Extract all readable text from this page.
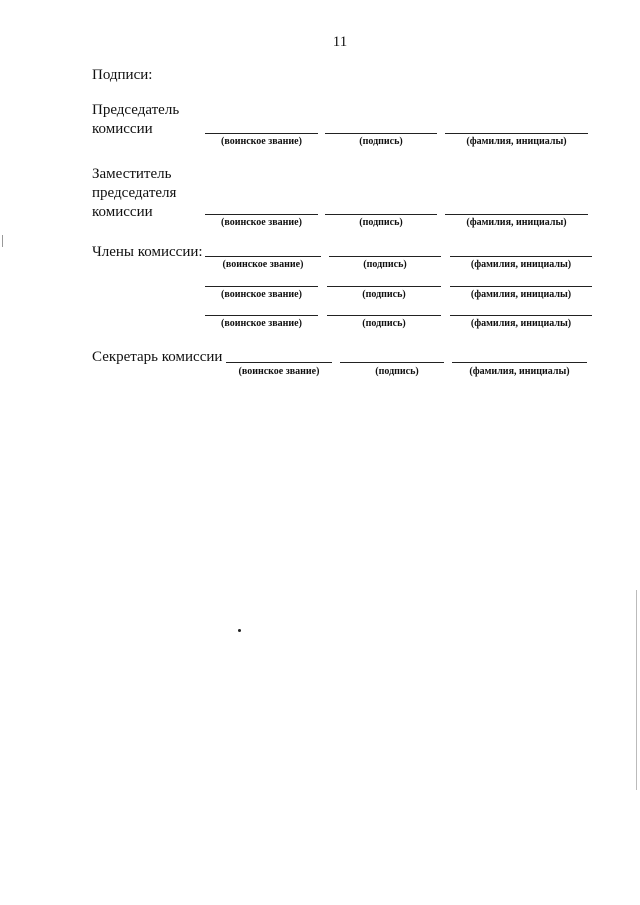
11
Подписи:
Председатель
комиссии
(воинское звание)	(подпись)	(фамилия, инициалы)
Заместитель
председателя
комиссии
(воинское звание)	(подпись)	(фамилия, инициалы)
Члены комиссии:
(воинское звание)	(подпись)	(фамилия, инициалы)
(воинское звание)	(подпись)	(фамилия, инициалы)
(воинское звание)	(подпись)	(фамилия, инициалы)
Секретарь комиссии
(воинское звание)	(подпись)	(фамилия, инициалы)
